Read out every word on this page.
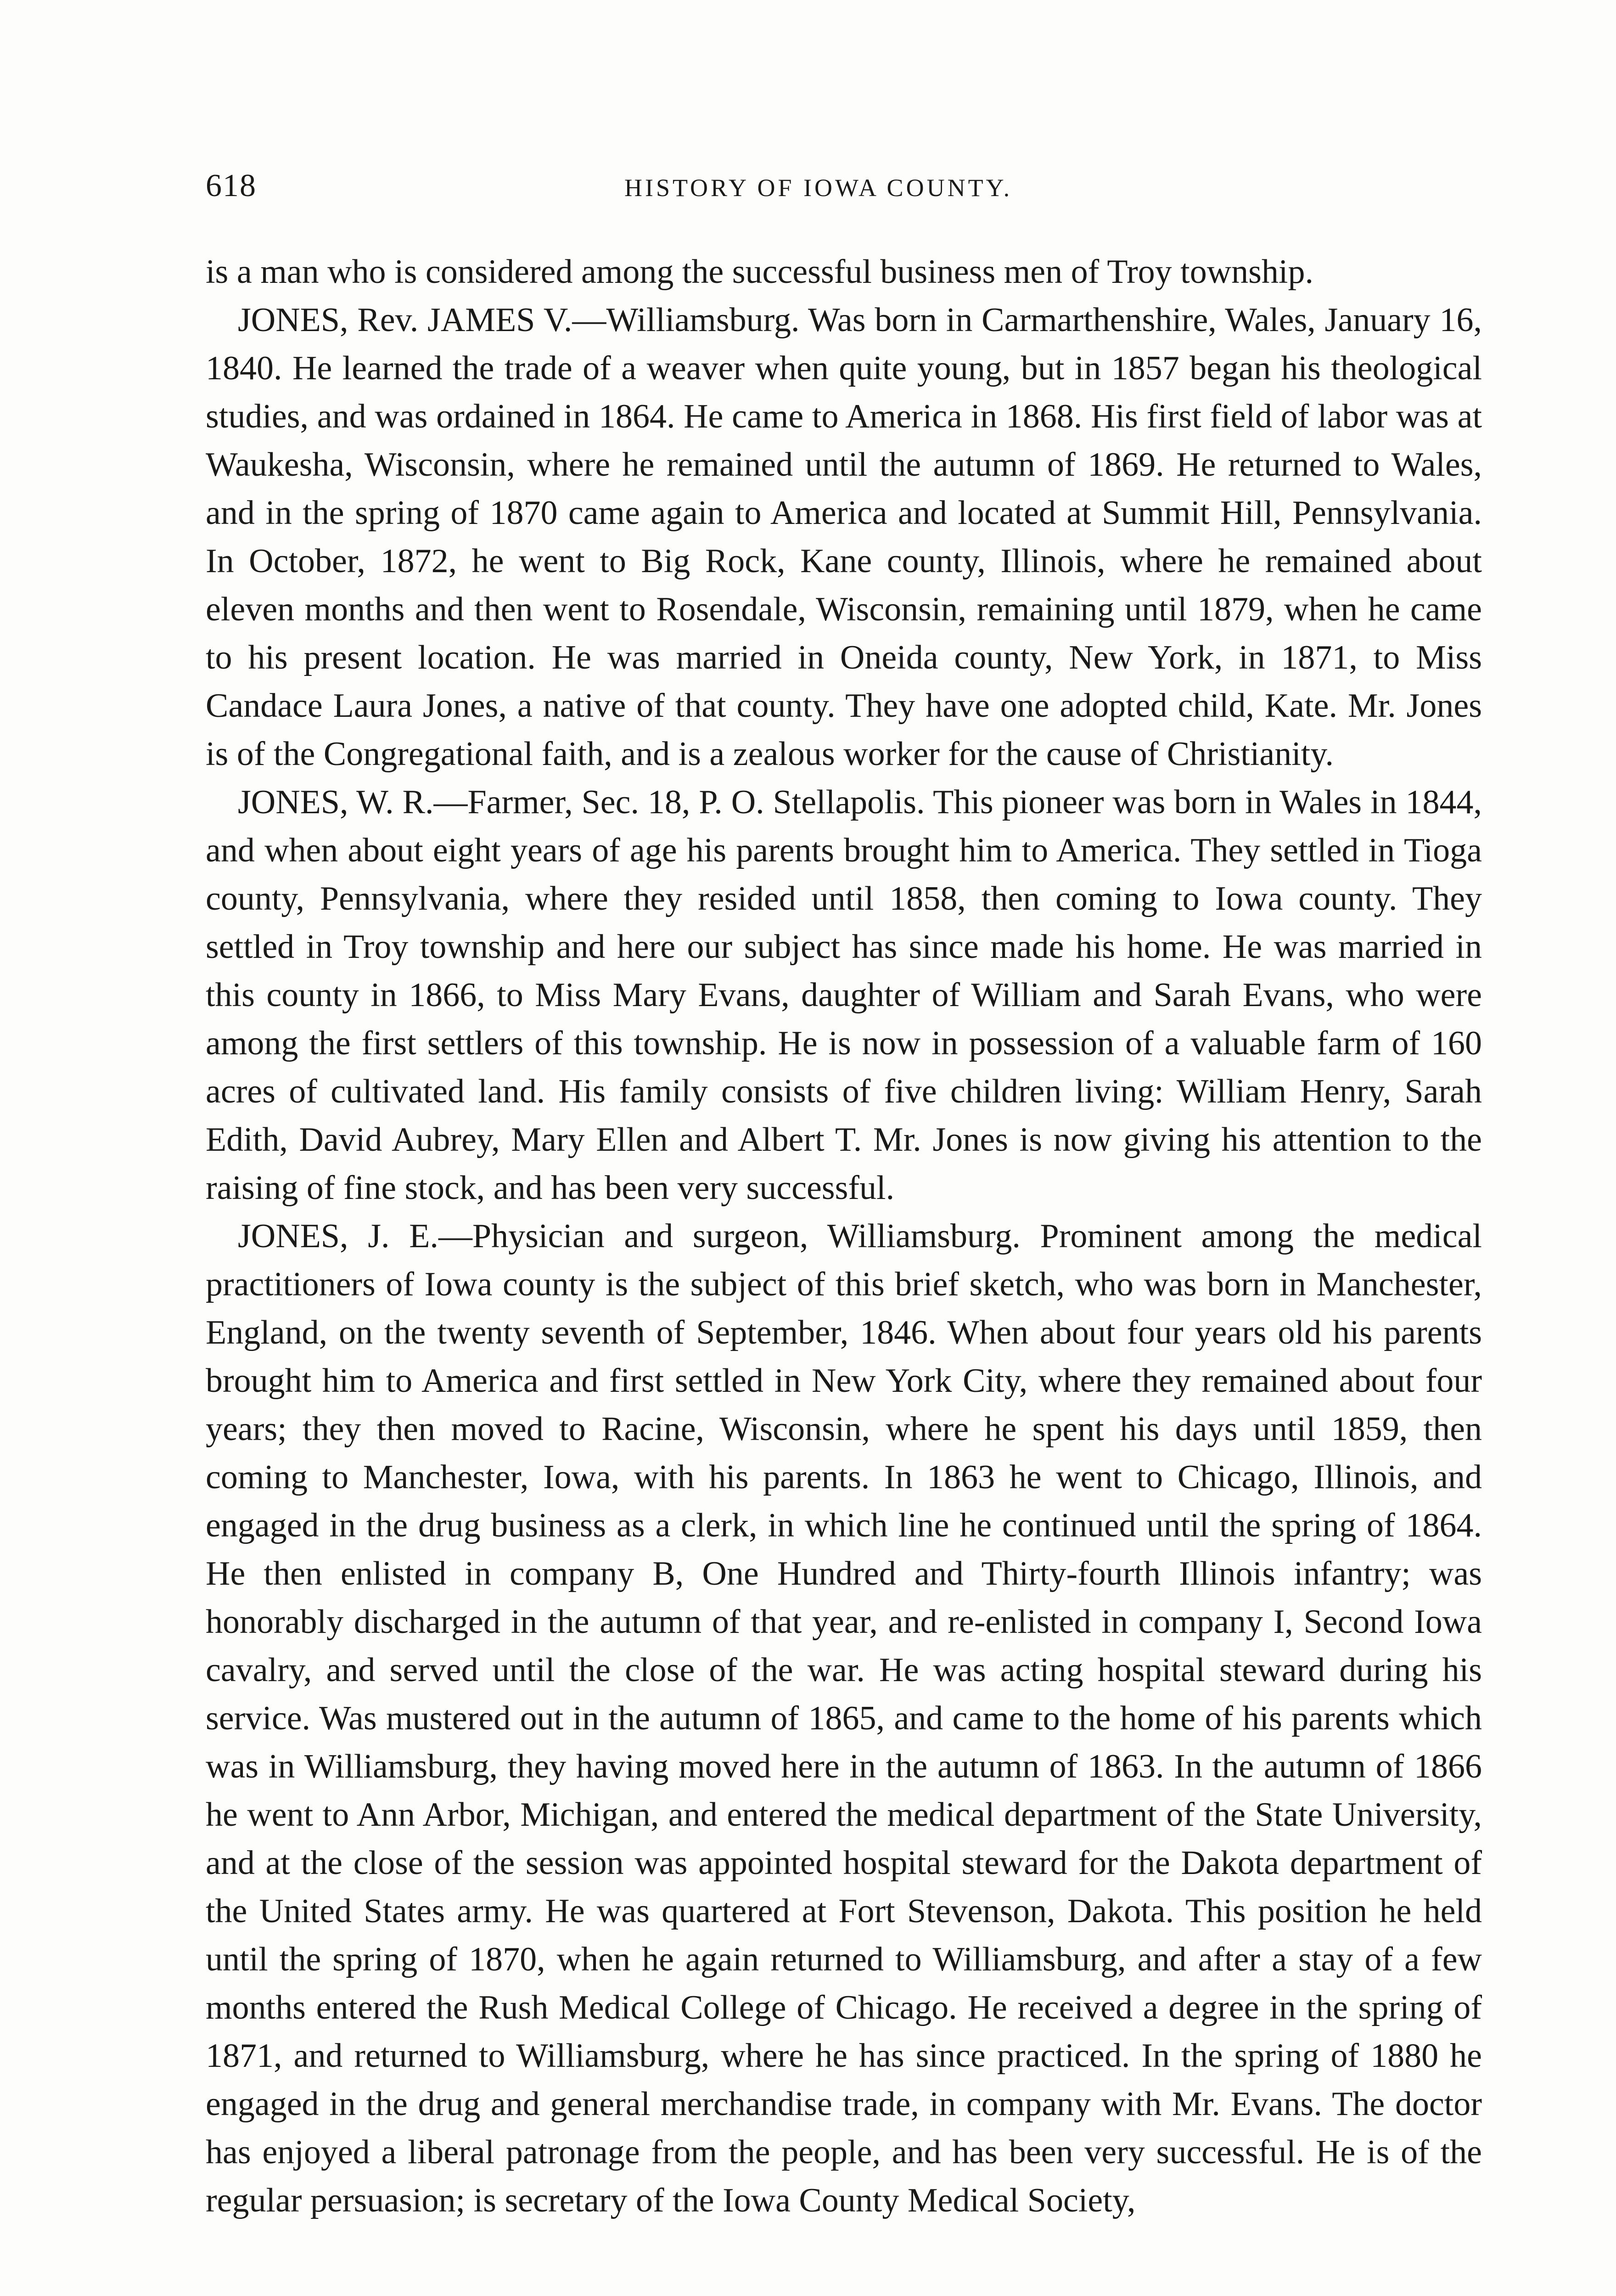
618	HISTORY OF IOWA COUNTY.

is a man who is considered among the successful business men of Troy township.

JONES, Rev. JAMES V.—Williamsburg. Was born in Carmarthenshire, Wales, January 16, 1840. He learned the trade of a weaver when quite young, but in 1857 began his theological studies, and was ordained in 1864. He came to America in 1868. His first field of labor was at Waukesha, Wisconsin, where he remained until the autumn of 1869. He returned to Wales, and in the spring of 1870 came again to America and located at Summit Hill, Pennsylvania. In October, 1872, he went to Big Rock, Kane county, Illinois, where he remained about eleven months and then went to Rosendale, Wisconsin, remaining until 1879, when he came to his present location. He was married in Oneida county, New York, in 1871, to Miss Candace Laura Jones, a native of that county. They have one adopted child, Kate. Mr. Jones is of the Congregational faith, and is a zealous worker for the cause of Christianity.

JONES, W. R.—Farmer, Sec. 18, P. O. Stellapolis. This pioneer was born in Wales in 1844, and when about eight years of age his parents brought him to America. They settled in Tioga county, Pennsylvania, where they resided until 1858, then coming to Iowa county. They settled in Troy township and here our subject has since made his home. He was married in this county in 1866, to Miss Mary Evans, daughter of William and Sarah Evans, who were among the first settlers of this township. He is now in possession of a valuable farm of 160 acres of cultivated land. His family consists of five children living: William Henry, Sarah Edith, David Aubrey, Mary Ellen and Albert T. Mr. Jones is now giving his attention to the raising of fine stock, and has been very successful.

JONES, J. E.—Physician and surgeon, Williamsburg. Prominent among the medical practitioners of Iowa county is the subject of this brief sketch, who was born in Manchester, England, on the twenty seventh of September, 1846. When about four years old his parents brought him to America and first settled in New York City, where they remained about four years; they then moved to Racine, Wisconsin, where he spent his days until 1859, then coming to Manchester, Iowa, with his parents. In 1863 he went to Chicago, Illinois, and engaged in the drug business as a clerk, in which line he continued until the spring of 1864. He then enlisted in company B, One Hundred and Thirty-fourth Illinois infantry; was honorably discharged in the autumn of that year, and re-enlisted in company I, Second Iowa cavalry, and served until the close of the war. He was acting hospital steward during his service. Was mustered out in the autumn of 1865, and came to the home of his parents which was in Williamsburg, they having moved here in the autumn of 1863. In the autumn of 1866 he went to Ann Arbor, Michigan, and entered the medical department of the State University, and at the close of the session was appointed hospital steward for the Dakota department of the United States army. He was quartered at Fort Stevenson, Dakota. This position he held until the spring of 1870, when he again returned to Williamsburg, and after a stay of a few months entered the Rush Medical College of Chicago. He received a degree in the spring of 1871, and returned to Williamsburg, where he has since practiced. In the spring of 1880 he engaged in the drug and general merchandise trade, in company with Mr. Evans. The doctor has enjoyed a liberal patronage from the people, and has been very successful. He is of the regular persuasion; is secretary of the Iowa County Medical Society,
